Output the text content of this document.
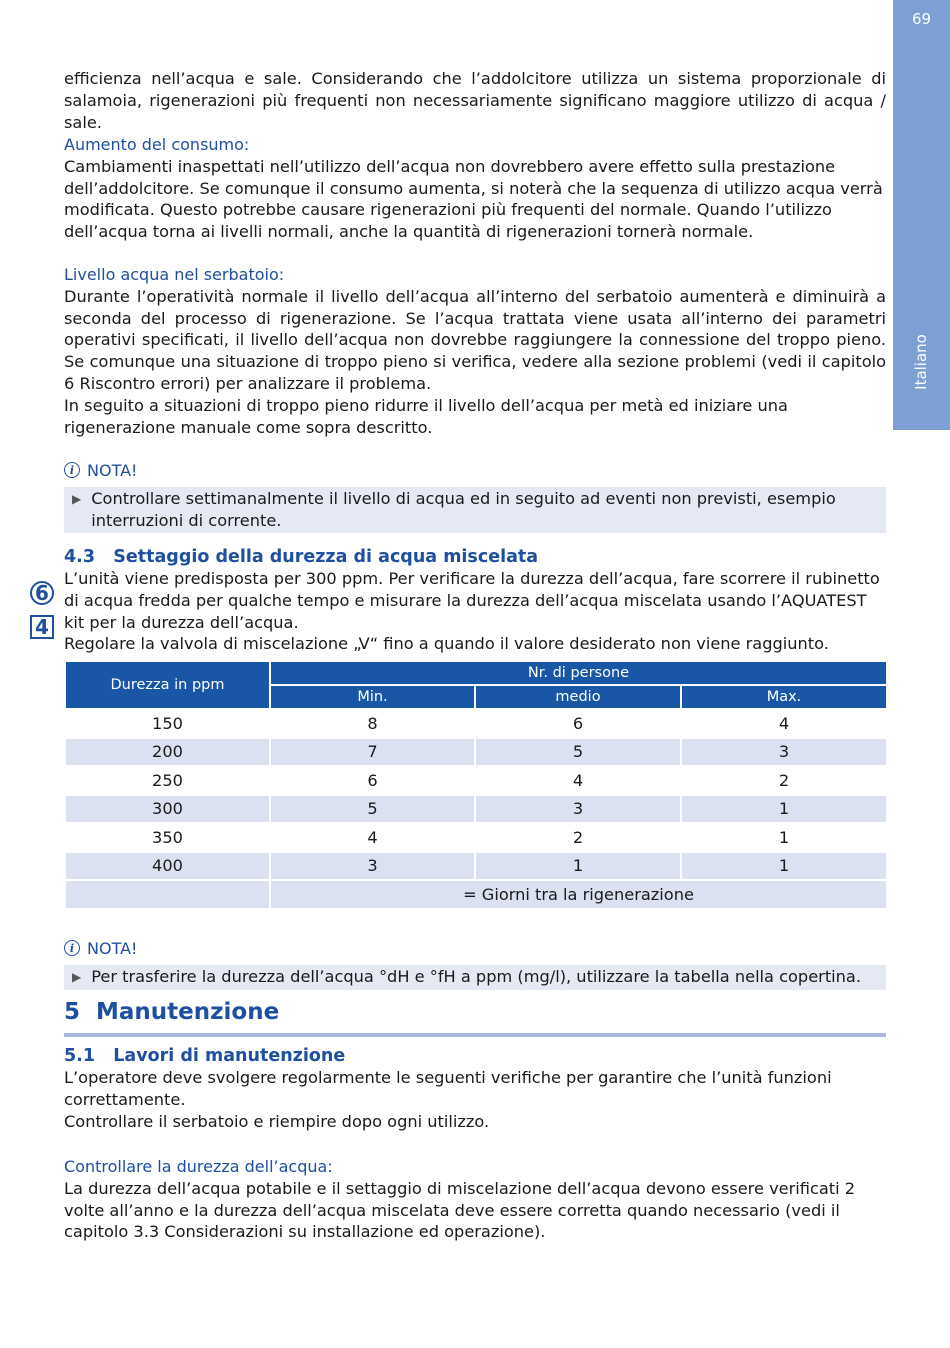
69
Italiano

efficienza nell’acqua e sale. Considerando che l’addolcitore utilizza un sistema proporzionale di salamoia, rigenerazioni più frequenti non necessariamente significano maggiore utilizzo di acqua / sale.

Aumento del consumo:

Cambiamenti inaspettati nell’utilizzo dell’acqua non dovrebbero avere effetto sulla prestazione dell’addolcitore. Se comunque il consumo aumenta, si noterà che la sequenza di utilizzo acqua verrà modificata. Questo potrebbe causare rigenerazioni più frequenti del normale. Quando l’utilizzo dell’acqua torna ai livelli normali, anche la quantità di rigenerazioni tornerà normale.

Livello acqua nel serbatoio:

Durante l’operatività normale il livello dell’acqua all’interno del serbatoio aumenterà e diminuirà a seconda del processo di rigenerazione. Se l’acqua trattata viene usata all’interno dei parametri operativi specificati, il livello dell’acqua non dovrebbe raggiungere la connessione del troppo pieno. Se comunque una situazione di troppo pieno si verifica, vedere alla sezione problemi (vedi il capitolo 6 Riscontro errori) per analizzare il problema.

In seguito a situazioni di troppo pieno ridurre il livello dell’acqua per metà ed iniziare una rigenerazione manuale come sopra descritto.

i NOTA!
▶ Controllare settimanalmente il livello di acqua ed in seguito ad eventi non previsti, esempio interruzioni di corrente.
4.3   Settaggio della durezza di acqua miscelata

L’unità viene predisposta per 300 ppm. Per verificare la durezza dell’acqua, fare scorrere il rubinetto di acqua fredda per qualche tempo e misurare la durezza dell’acqua miscelata usando l’AQUATEST kit per la durezza dell’acqua.

Regolare la valvola di miscelazione „V“ fino a quando il valore desiderato non viene raggiunto.

6
4
Durezza in ppm	Nr. di persone		
	Min.	medio	Max.
150	8	6	4
200	7	5	3
250	6	4	2
300	5	3	1
350	4	2	1
400	3	1	1
	= Giorni tra la rigenerazione		
i NOTA!
▶ Per trasferire la durezza dell’acqua °dH e °fH a ppm (mg/l), utilizzare la tabella nella copertina.
5  Manutenzione
5.1   Lavori di manutenzione

L’operatore deve svolgere regolarmente le seguenti verifiche per garantire che l’unità funzioni correttamente.

Controllare il serbatoio e riempire dopo ogni utilizzo.

Controllare la durezza dell’acqua:

La durezza dell’acqua potabile e il settaggio di miscelazione dell’acqua devono essere verificati 2 volte all’anno e la durezza dell’acqua miscelata deve essere corretta quando necessario (vedi il capitolo 3.3 Considerazioni su installazione ed operazione).
